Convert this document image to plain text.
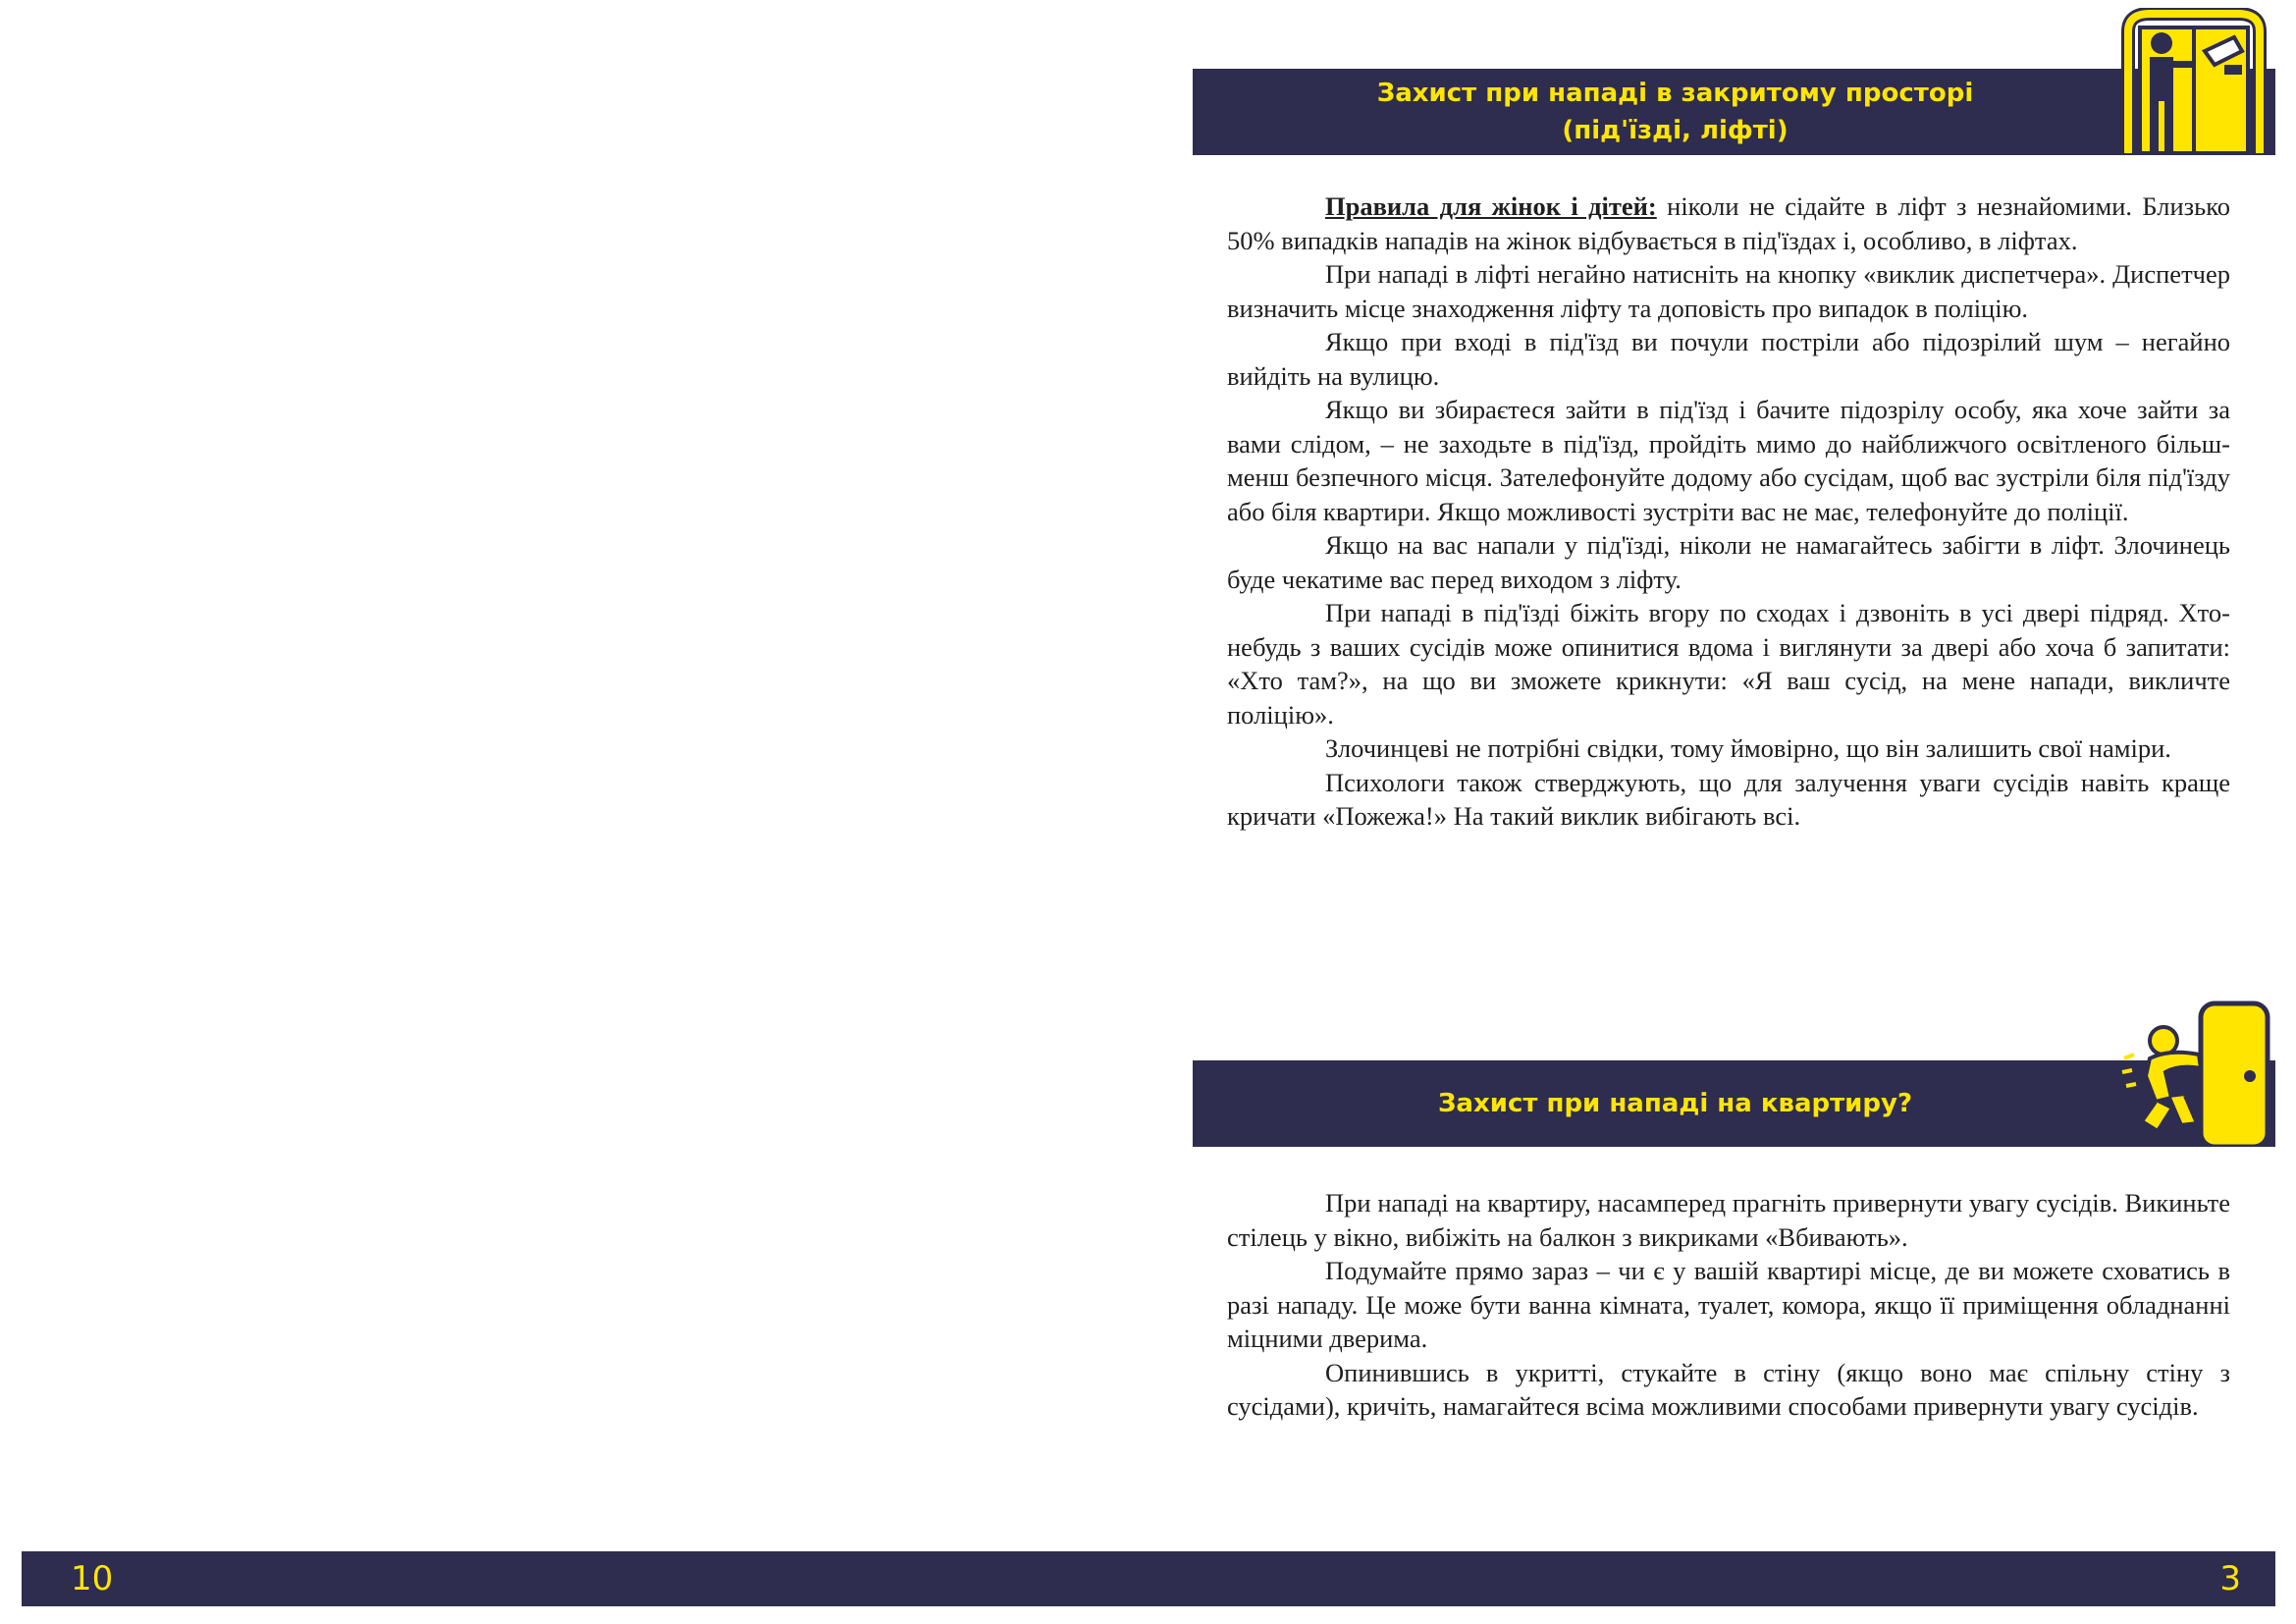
Захист при нападі в закритому просторі
(під'їзді, ліфті)

Правила для жінок і дітей: ніколи не сідайте в ліфт з незнайомими. Близько 50% випадків нападів на жінок відбувається в під'їздах і, особливо, в ліфтах.

При нападі в ліфті негайно натисніть на кнопку «виклик диспетчера». Диспетчер визначить місце знаходження ліфту та доповість про випадок в поліцію.

Якщо при вході в під'їзд ви почули постріли або підозрілий шум – негайно вийдіть на вулицю.

Якщо ви збираєтеся зайти в під'їзд і бачите підозрілу особу, яка хоче зайти за вами слідом, – не заходьте в під'їзд, пройдіть мимо до найближчого освітленого більш-менш безпечного місця. Зателефонуйте додому або сусідам, щоб вас зустріли біля під'їзду або біля квартири. Якщо можливості зустріти вас не має, телефонуйте до поліції.

Якщо на вас напали у під'їзді, ніколи не намагайтесь забігти в ліфт. Злочинець буде чекатиме вас перед виходом з ліфту.

При нападі в під'їзді біжіть вгору по сходах і дзвоніть в усі двері підряд. Хто-небудь з ваших сусідів може опинитися вдома і виглянути за двері або хоча б запитати: «Хто там?», на що ви зможете крикнути: «Я ваш сусід, на мене напади, викличте поліцію».

Злочинцеві не потрібні свідки, тому ймовірно, що він залишить свої наміри.

Психологи також стверджують, що для залучення уваги сусідів навіть краще кричати «Пожежа!» На такий виклик вибігають всі.

Захист при нападі на квартиру?

При нападі на квартиру, насамперед прагніть привернути увагу сусідів. Викиньте стілець у вікно, вибіжіть на балкон з викриками «Вбивають».

Подумайте прямо зараз – чи є у вашій квартирі місце, де ви можете сховатись в разі нападу. Це може бути ванна кімната, туалет, комора, якщо її приміщення обладнанні міцними дверима.

Опинившись в укритті, стукайте в стіну (якщо воно має спільну стіну з сусідами), кричіть, намагайтеся всіма можливими способами привернути увагу сусідів.

10	3
